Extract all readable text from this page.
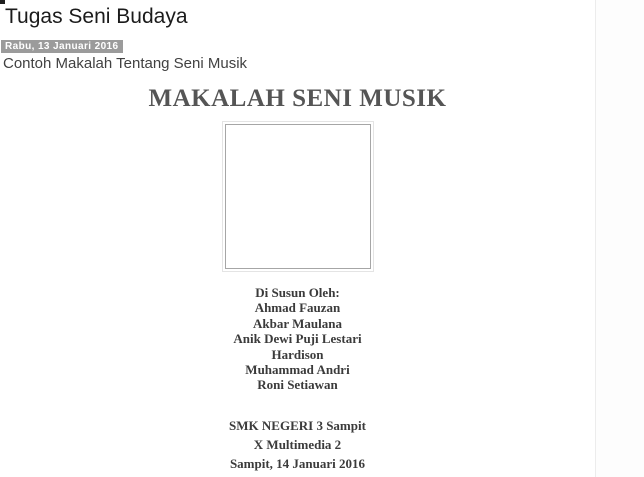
Tugas Seni Budaya
Rabu, 13 Januari 2016
Contoh Makalah Tentang Seni Musik
MAKALAH SENI MUSIK
Di Susun Oleh:
Ahmad Fauzan
Akbar Maulana
Anik Dewi Puji Lestari
Hardison
Muhammad Andri
Roni Setiawan
SMK NEGERI 3 Sampit
X Multimedia 2
Sampit, 14 Januari 2016
